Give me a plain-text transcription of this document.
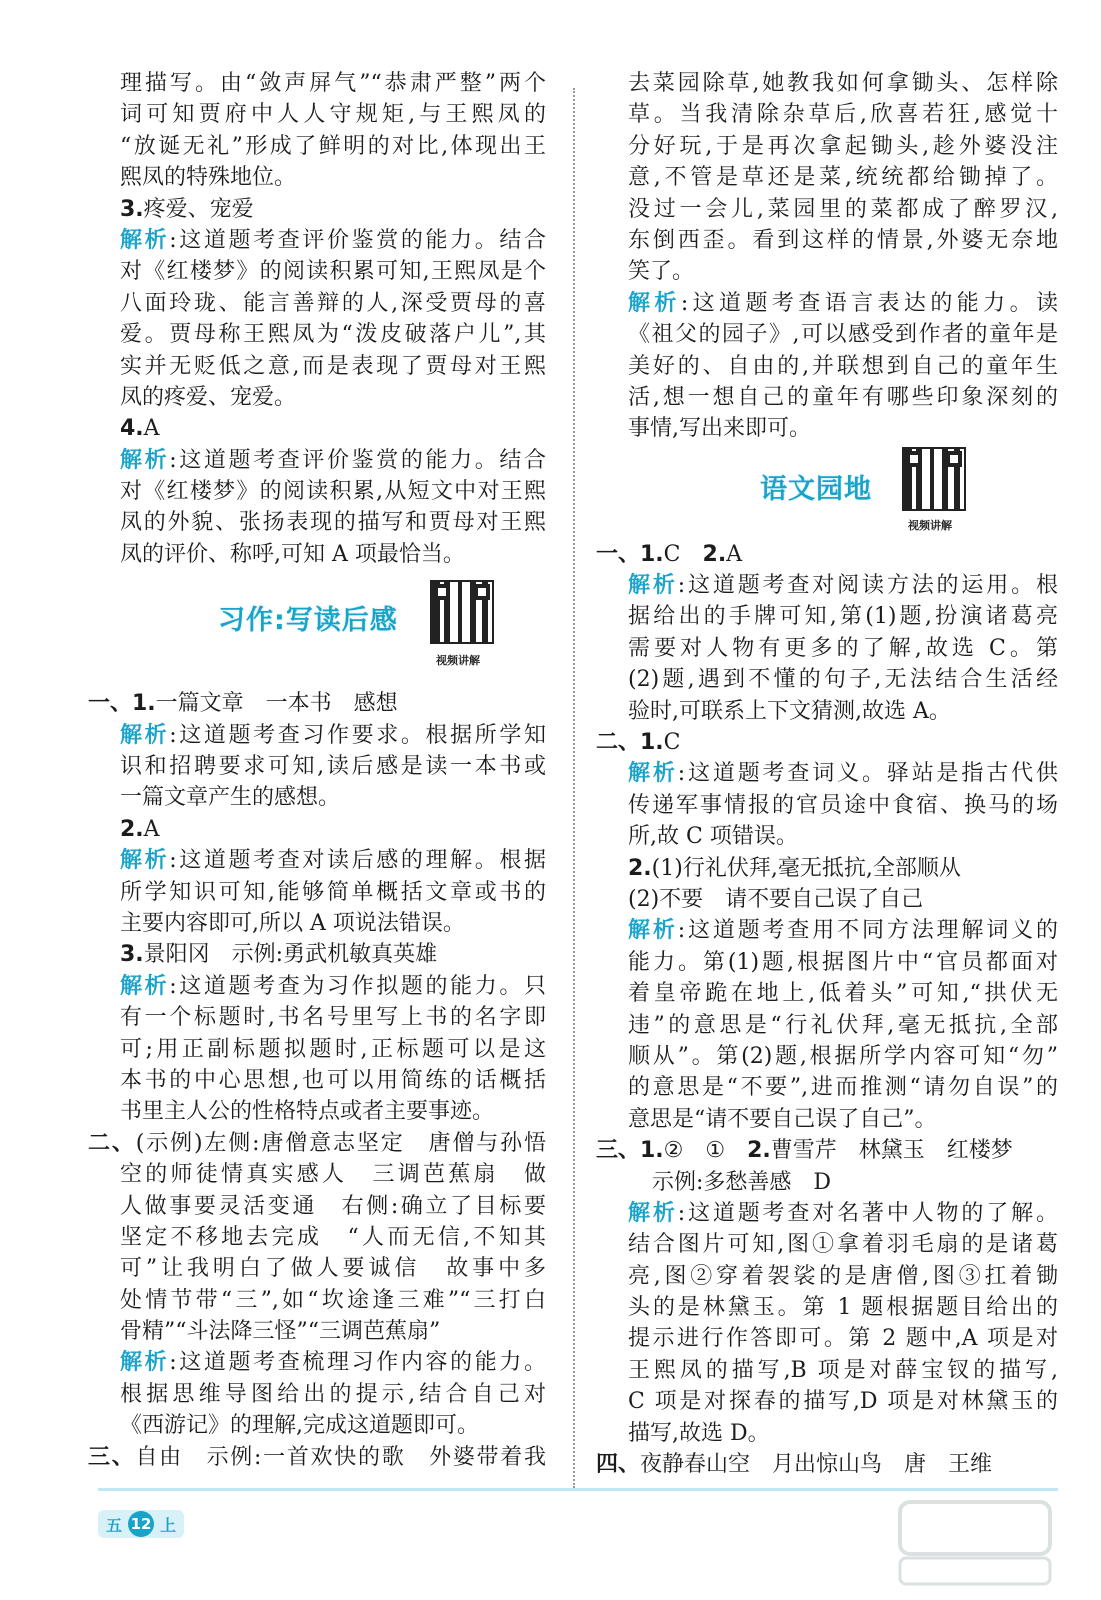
理描写。由“敛声屏气”“恭肃严整”两个
词可知贾府中人人守规矩,与王熙凤的
“放诞无礼”形成了鲜明的对比,体现出王
熙凤的特殊地位。
3.疼爱、宠爱
解析:这道题考查评价鉴赏的能力。结合
对《红楼梦》的阅读积累可知,王熙凤是个
八面玲珑、能言善辩的人,深受贾母的喜
爱。贾母称王熙凤为“泼皮破落户儿”,其
实并无贬低之意,而是表现了贾母对王熙
凤的疼爱、宠爱。
4.A
解析:这道题考查评价鉴赏的能力。结合
对《红楼梦》的阅读积累,从短文中对王熙
凤的外貌、张扬表现的描写和贾母对王熙
凤的评价、称呼,可知 A 项最恰当。
习作:写读后感
视频讲解
一、1.一篇文章　一本书　感想
解析:这道题考查习作要求。根据所学知
识和招聘要求可知,读后感是读一本书或
一篇文章产生的感想。
2.A
解析:这道题考查对读后感的理解。根据
所学知识可知,能够简单概括文章或书的
主要内容即可,所以 A 项说法错误。
3.景阳冈　示例:勇武机敏真英雄
解析:这道题考查为习作拟题的能力。只
有一个标题时,书名号里写上书的名字即
可;用正副标题拟题时,正标题可以是这
本书的中心思想,也可以用简练的话概括
书里主人公的性格特点或者主要事迹。
二、(示例)左侧:唐僧意志坚定　唐僧与孙悟
空的师徒情真实感人　三调芭蕉扇　做
人做事要灵活变通　右侧:确立了目标要
坚定不移地去完成　“人而无信,不知其
可”让我明白了做人要诚信　故事中多
处情节带“三”,如“坎途逢三难”“三打白
骨精”“斗法降三怪”“三调芭蕉扇”
解析:这道题考查梳理习作内容的能力。
根据思维导图给出的提示,结合自己对
《西游记》的理解,完成这道题即可。
三、自由　示例:一首欢快的歌　外婆带着我
去菜园除草,她教我如何拿锄头、怎样除
草。当我清除杂草后,欣喜若狂,感觉十
分好玩,于是再次拿起锄头,趁外婆没注
意,不管是草还是菜,统统都给锄掉了。
没过一会儿,菜园里的菜都成了醉罗汉,
东倒西歪。看到这样的情景,外婆无奈地
笑了。
解析:这道题考查语言表达的能力。读
《祖父的园子》,可以感受到作者的童年是
美好的、自由的,并联想到自己的童年生
活,想一想自己的童年有哪些印象深刻的
事情,写出来即可。
语文园地
视频讲解
一、1.C　2.A
解析:这道题考查对阅读方法的运用。根
据给出的手牌可知,第(1)题,扮演诸葛亮
需要对人物有更多的了解,故选 C。第
(2)题,遇到不懂的句子,无法结合生活经
验时,可联系上下文猜测,故选 A。
二、1.C
解析:这道题考查词义。驿站是指古代供
传递军事情报的官员途中食宿、换马的场
所,故 C 项错误。
2.(1)行礼伏拜,毫无抵抗,全部顺从
(2)不要　请不要自己误了自己
解析:这道题考查用不同方法理解词义的
能力。第(1)题,根据图片中“官员都面对
着皇帝跪在地上,低着头”可知,“拱伏无
违”的意思是“行礼伏拜,毫无抵抗,全部
顺从”。第(2)题,根据所学内容可知“勿”
的意思是“不要”,进而推测“请勿自误”的
意思是“请不要自己误了自己”。
三、1.②　①　2.曹雪芹　林黛玉　红楼梦
示例:多愁善感　D
解析:这道题考查对名著中人物的了解。
结合图片可知,图①拿着羽毛扇的是诸葛
亮,图②穿着袈裟的是唐僧,图③扛着锄
头的是林黛玉。第 1 题根据题目给出的
提示进行作答即可。第 2 题中,A 项是对
王熙凤的描写,B 项是对薛宝钗的描写,
C 项是对探春的描写,D 项是对林黛玉的
描写,故选 D。
四、夜静春山空　月出惊山鸟　唐　王维
五 12 上
